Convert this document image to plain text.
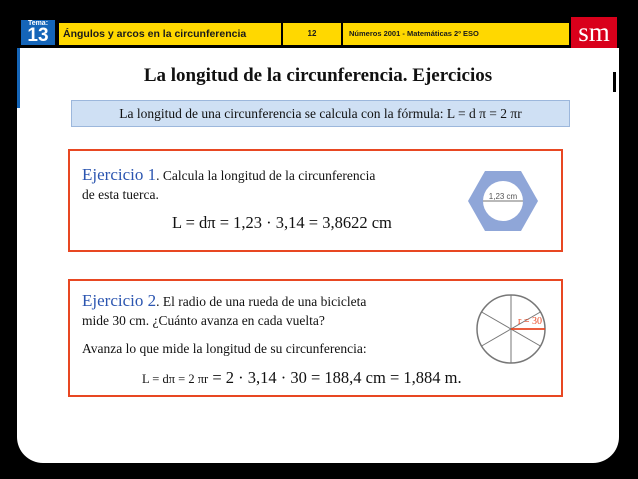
Tema:
13	Ángulos y arcos en la circunferencia	12	Números 2001 - Matemáticas 2º ESO	sm
La longitud de la circunferencia. Ejercicios
La longitud de una circunferencia se calcula con la fórmula: L = d π = 2 πr
Ejercicio 1. Calcula la longitud de la circunferencia
de esta tuerca.
L = dπ = 1,23 · 3,14 = 3,8622 cm
1,23 cm
Ejercicio 2. El radio de una rueda de una bicicleta
mide 30 cm. ¿Cuánto avanza en cada vuelta?
Avanza lo que mide la longitud de su circunferencia:
L = dπ = 2 πr = 2 · 3,14 · 30 = 188,4 cm = 1,884 m.
r = 30
